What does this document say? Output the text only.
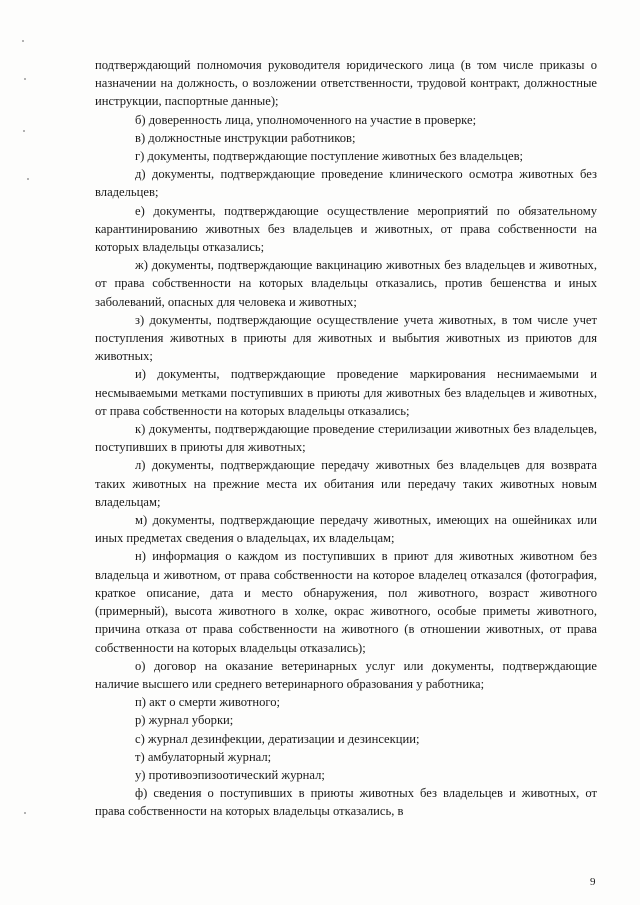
подтверждающий полномочия руководителя юридического лица (в том числе приказы о назначении на должность, о возложении ответственности, трудовой контракт, должностные инструкции, паспортные данные);

б) доверенность лица, уполномоченного на участие в проверке;

в) должностные инструкции работников;

г) документы, подтверждающие поступление животных без владельцев;

д) документы, подтверждающие проведение клинического осмотра животных без владельцев;

е) документы, подтверждающие осуществление мероприятий по обязательному карантинированию животных без владельцев и животных, от права собственности на которых владельцы отказались;

ж) документы, подтверждающие вакцинацию животных без владельцев и животных, от права собственности на которых владельцы отказались, против бешенства и иных заболеваний, опасных для человека и животных;

з) документы, подтверждающие осуществление учета животных, в том числе учет поступления животных в приюты для животных и выбытия животных из приютов для животных;

и) документы, подтверждающие проведение маркирования неснимаемыми и несмываемыми метками поступивших в приюты для животных без владельцев и животных, от права собственности на которых владельцы отказались;

к) документы, подтверждающие проведение стерилизации животных без владельцев, поступивших в приюты для животных;

л) документы, подтверждающие передачу животных без владельцев для возврата таких животных на прежние места их обитания или передачу таких животных новым владельцам;

м) документы, подтверждающие передачу животных, имеющих на ошейниках или иных предметах сведения о владельцах, их владельцам;

н) информация о каждом из поступивших в приют для животных животном без владельца и животном, от права собственности на которое владелец отказался (фотография, краткое описание, дата и место обнаружения, пол животного, возраст животного (примерный), высота животного в холке, окрас животного, особые приметы животного, причина отказа от права собственности на животного (в отношении животных, от права собственности на которых владельцы отказались);

о) договор на оказание ветеринарных услуг или документы, подтверждающие наличие высшего или среднего ветеринарного образования у работника;

п) акт о смерти животного;

р) журнал уборки;

с) журнал дезинфекции, дератизации и дезинсекции;

т) амбулаторный журнал;

у) противоэпизоотический журнал;

ф) сведения о поступивших в приюты животных без владельцев и животных, от права собственности на которых владельцы отказались, в

9
